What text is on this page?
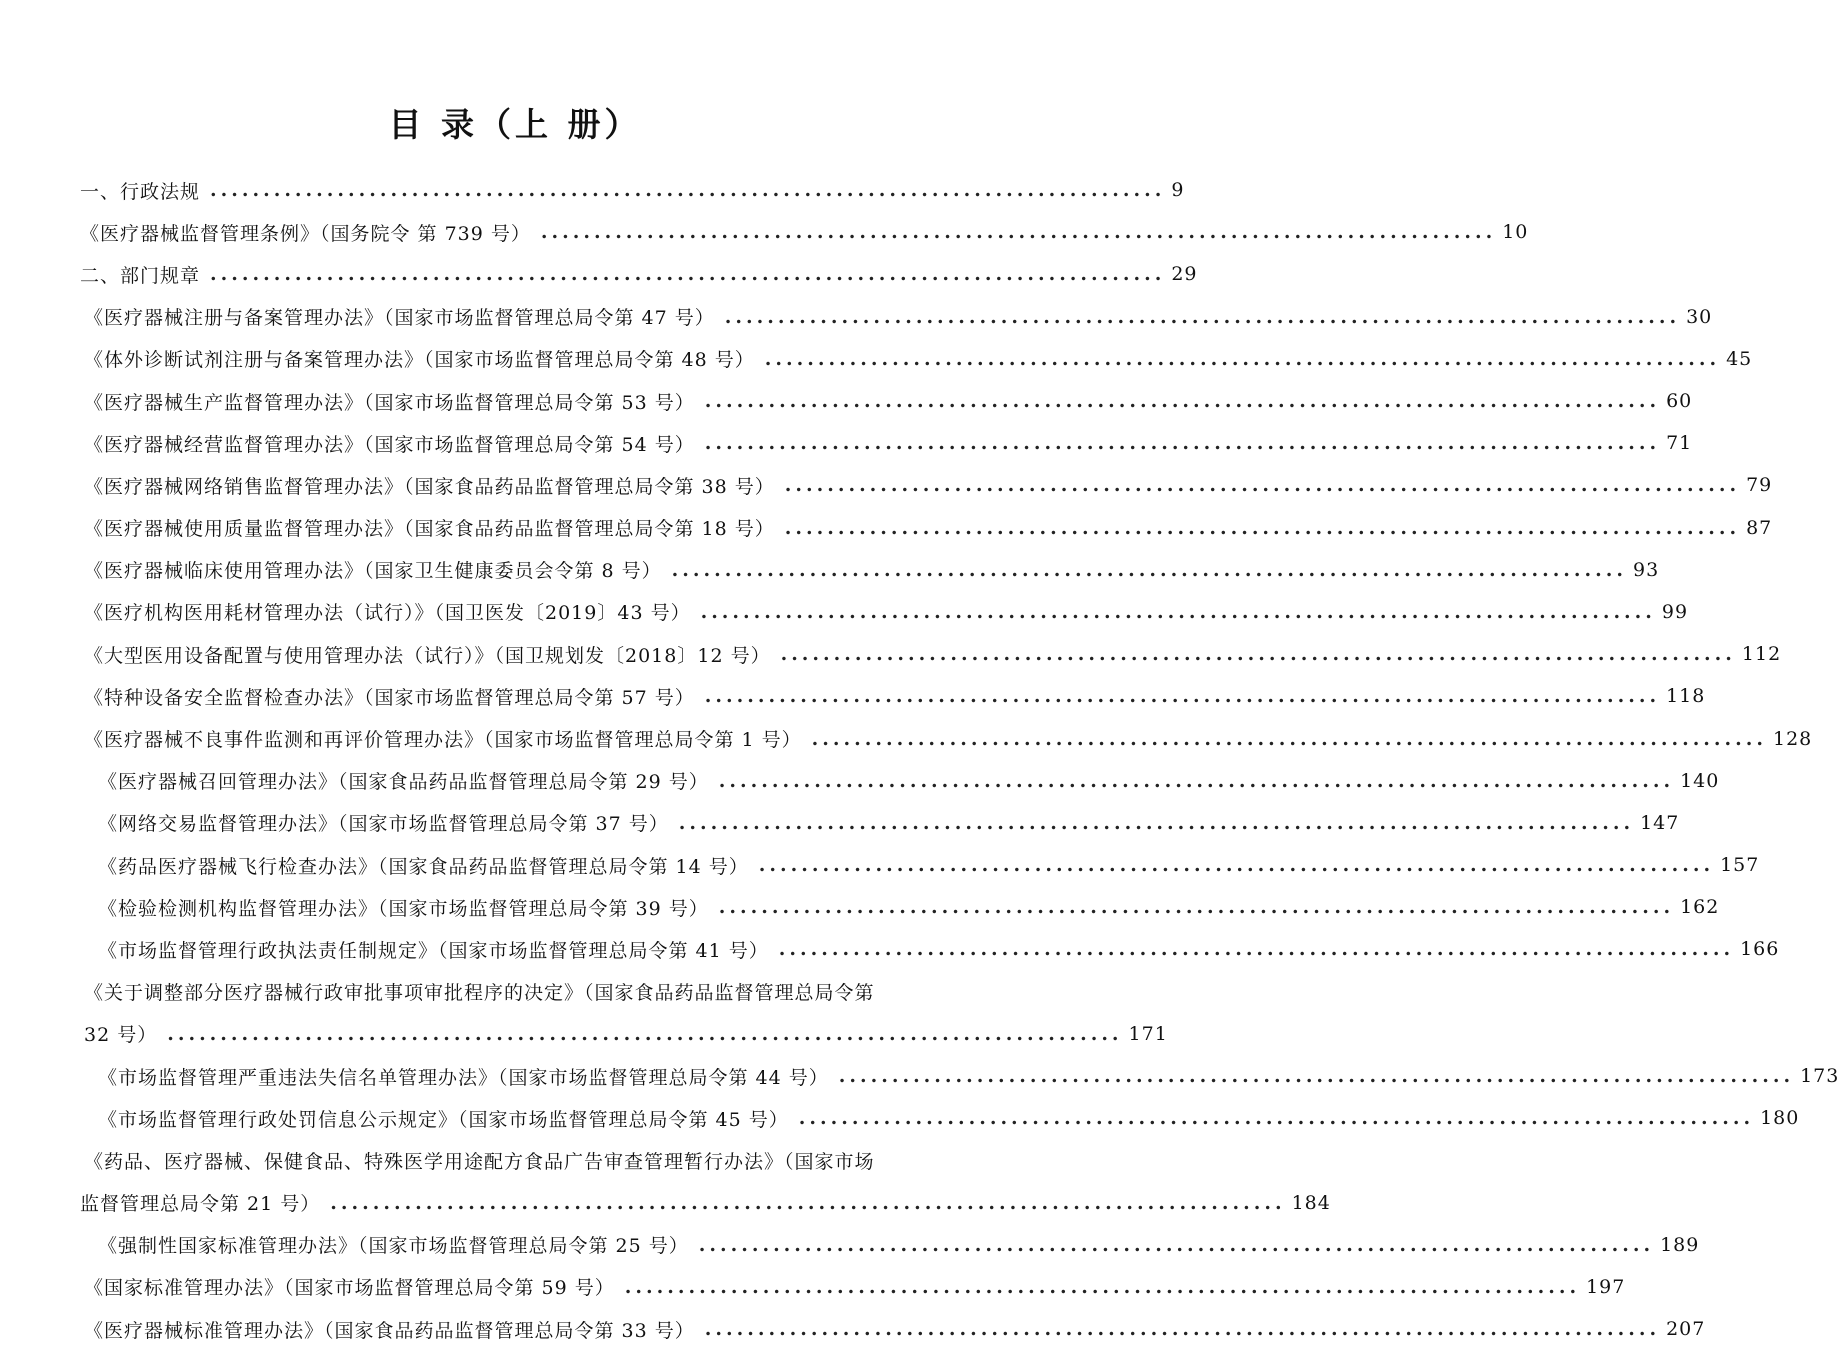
目 录（上 册）
一、行政法规 .......................................................................................... 9
《医疗器械监督管理条例》（国务院令 第 739 号） .......................................................................................... 10
二、部门规章 .......................................................................................... 29
《医疗器械注册与备案管理办法》（国家市场监督管理总局令第 47 号） .......................................................................................... 30
《体外诊断试剂注册与备案管理办法》（国家市场监督管理总局令第 48 号） .......................................................................................... 45
《医疗器械生产监督管理办法》（国家市场监督管理总局令第 53 号） .......................................................................................... 60
《医疗器械经营监督管理办法》（国家市场监督管理总局令第 54 号） .......................................................................................... 71
《医疗器械网络销售监督管理办法》（国家食品药品监督管理总局令第 38 号） .......................................................................................... 79
《医疗器械使用质量监督管理办法》（国家食品药品监督管理总局令第 18 号） .......................................................................................... 87
《医疗器械临床使用管理办法》（国家卫生健康委员会令第 8 号） .......................................................................................... 93
《医疗机构医用耗材管理办法（试行）》（国卫医发〔2019〕43 号） .......................................................................................... 99
《大型医用设备配置与使用管理办法（试行）》（国卫规划发〔2018〕12 号） .......................................................................................... 112
《特种设备安全监督检查办法》（国家市场监督管理总局令第 57 号） .......................................................................................... 118
《医疗器械不良事件监测和再评价管理办法》（国家市场监督管理总局令第 1 号） .......................................................................................... 128
《医疗器械召回管理办法》（国家食品药品监督管理总局令第 29 号） .......................................................................................... 140
《网络交易监督管理办法》（国家市场监督管理总局令第 37 号） .......................................................................................... 147
《药品医疗器械飞行检查办法》（国家食品药品监督管理总局令第 14 号） .......................................................................................... 157
《检验检测机构监督管理办法》（国家市场监督管理总局令第 39 号） .......................................................................................... 162
《市场监督管理行政执法责任制规定》（国家市场监督管理总局令第 41 号） .......................................................................................... 166
《关于调整部分医疗器械行政审批事项审批程序的决定》（国家食品药品监督管理总局令第
32 号） .......................................................................................... 171
《市场监督管理严重违法失信名单管理办法》（国家市场监督管理总局令第 44 号） .......................................................................................... 173
《市场监督管理行政处罚信息公示规定》（国家市场监督管理总局令第 45 号） .......................................................................................... 180
《药品、医疗器械、保健食品、特殊医学用途配方食品广告审查管理暂行办法》（国家市场
监督管理总局令第 21 号） .......................................................................................... 184
《强制性国家标准管理办法》（国家市场监督管理总局令第 25 号） .......................................................................................... 189
《国家标准管理办法》（国家市场监督管理总局令第 59 号） .......................................................................................... 197
《医疗器械标准管理办法》（国家食品药品监督管理总局令第 33 号） .......................................................................................... 207
